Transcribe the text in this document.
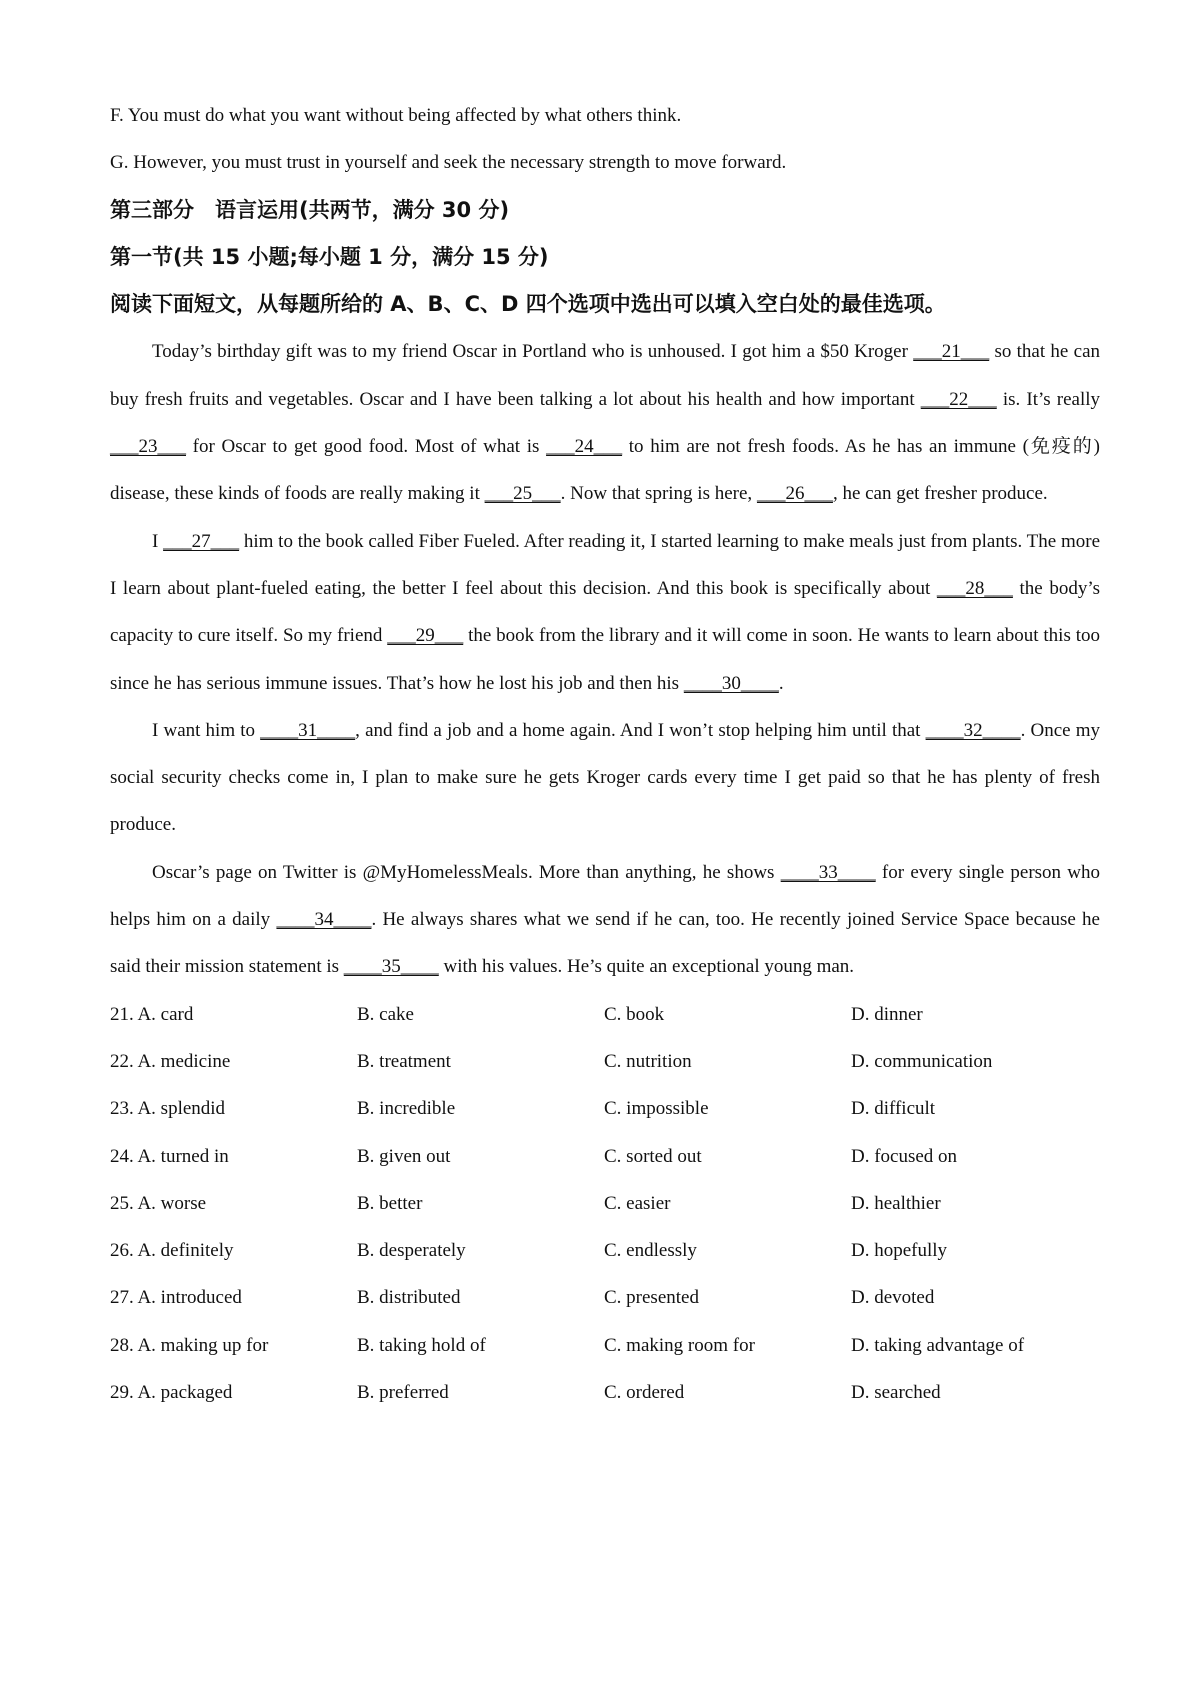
F. You must do what you want without being affected by what others think.
G. However, you must trust in yourself and seek the necessary strength to move forward.
第三部分　语言运用(共两节，满分 30 分)
第一节(共 15 小题;每小题 1 分，满分 15 分)
阅读下面短文，从每题所给的 A、B、C、D 四个选项中选出可以填入空白处的最佳选项。
Today’s birthday gift was to my friend Oscar in Portland who is unhoused. I got him a $50 Kroger ___21___ so that he can buy fresh fruits and vegetables. Oscar and I have been talking a lot about his health and how important ___22___ is. It’s really ___23___ for Oscar to get good food. Most of what is ___24___ to him are not fresh foods. As he has an immune (免疫的) disease, these kinds of foods are really making it ___25___. Now that spring is here, ___26___, he can get fresher produce.
I ___27___ him to the book called Fiber Fueled. After reading it, I started learning to make meals just from plants. The more I learn about plant-fueled eating, the better I feel about this decision. And this book is specifically about ___28___ the body’s capacity to cure itself. So my friend ___29___ the book from the library and it will come in soon. He wants to learn about this too since he has serious immune issues. That’s how he lost his job and then his ____30____.
I want him to ____31____, and find a job and a home again. And I won’t stop helping him until that ____32____. Once my social security checks come in, I plan to make sure he gets Kroger cards every time I get paid so that he has plenty of fresh produce.
Oscar’s page on Twitter is @MyHomelessMeals. More than anything, he shows ____33____ for every single person who helps him on a daily ____34____. He always shares what we send if he can, too. He recently joined Service Space because he said their mission statement is ____35____ with his values. He’s quite an exceptional young man.
21. A. card	B. cake	C. book	D. dinner
22. A. medicine	B. treatment	C. nutrition	D. communication
23. A. splendid	B. incredible	C. impossible	D. difficult
24. A. turned in	B. given out	C. sorted out	D. focused on
25. A. worse	B. better	C. easier	D. healthier
26. A. definitely	B. desperately	C. endlessly	D. hopefully
27. A. introduced	B. distributed	C. presented	D. devoted
28. A. making up for	B. taking hold of	C. making room for	D. taking advantage of
29. A. packaged	B. preferred	C. ordered	D. searched
